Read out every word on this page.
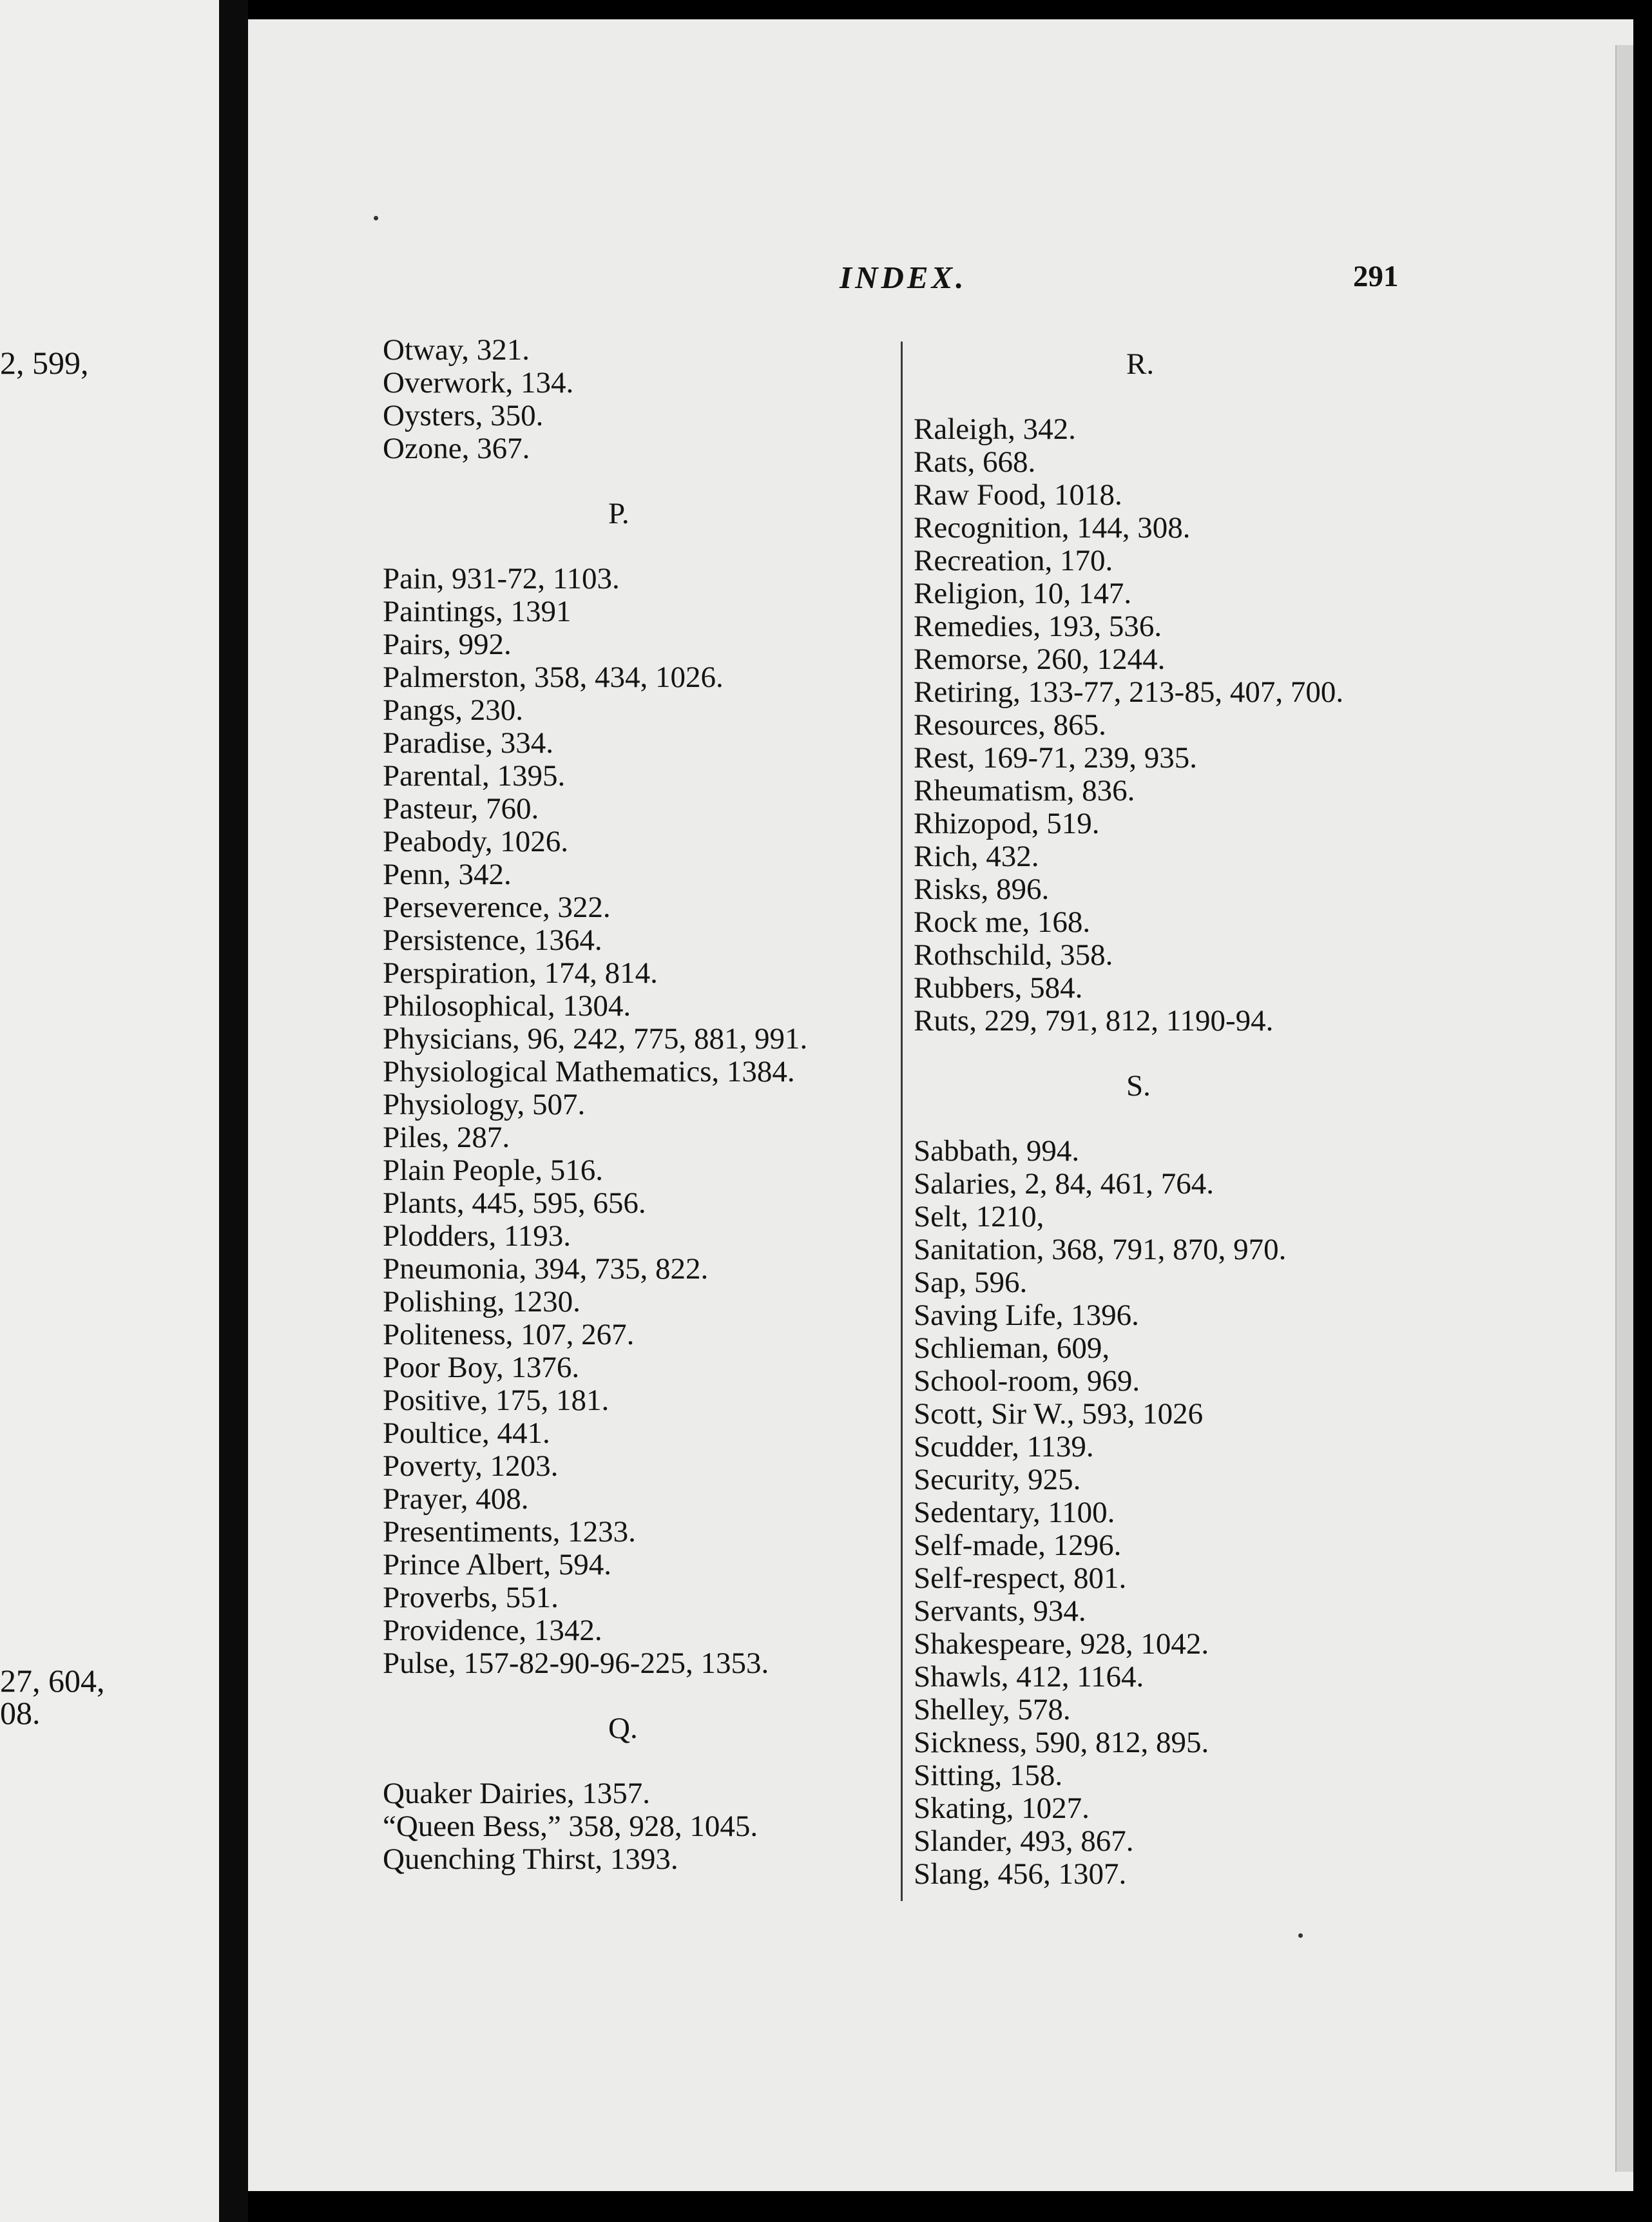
2, 599,
27, 604,
08.
INDEX.	291
Otway, 321.
Overwork, 134.
Oysters, 350.
Ozone, 367.
P.
Pain, 931-72, 1103.
Paintings, 1391
Pairs, 992.
Palmerston, 358, 434, 1026.
Pangs, 230.
Paradise, 334.
Parental, 1395.
Pasteur, 760.
Peabody, 1026.
Penn, 342.
Perseverence, 322.
Persistence, 1364.
Perspiration, 174, 814.
Philosophical, 1304.
Physicians, 96, 242, 775, 881, 991.
Physiological Mathematics, 1384.
Physiology, 507.
Piles, 287.
Plain People, 516.
Plants, 445, 595, 656.
Plodders, 1193.
Pneumonia, 394, 735, 822.
Polishing, 1230.
Politeness, 107, 267.
Poor Boy, 1376.
Positive, 175, 181.
Poultice, 441.
Poverty, 1203.
Prayer, 408.
Presentiments, 1233.
Prince Albert, 594.
Proverbs, 551.
Providence, 1342.
Pulse, 157-82-90-96-225, 1353.
Q.
Quaker Dairies, 1357.
“Queen Bess,” 358, 928, 1045.
Quenching Thirst, 1393.
R.
Raleigh, 342.
Rats, 668.
Raw Food, 1018.
Recognition, 144, 308.
Recreation, 170.
Religion, 10, 147.
Remedies, 193, 536.
Remorse, 260, 1244.
Retiring, 133-77, 213-85, 407, 700.
Resources, 865.
Rest, 169-71, 239, 935.
Rheumatism, 836.
Rhizopod, 519.
Rich, 432.
Risks, 896.
Rock me, 168.
Rothschild, 358.
Rubbers, 584.
Ruts, 229, 791, 812, 1190-94.
S.
Sabbath, 994.
Salaries, 2, 84, 461, 764.
Selt, 1210,
Sanitation, 368, 791, 870, 970.
Sap, 596.
Saving Life, 1396.
Schlieman, 609,
School-room, 969.
Scott, Sir W., 593, 1026
Scudder, 1139.
Security, 925.
Sedentary, 1100.
Self-made, 1296.
Self-respect, 801.
Servants, 934.
Shakespeare, 928, 1042.
Shawls, 412, 1164.
Shelley, 578.
Sickness, 590, 812, 895.
Sitting, 158.
Skating, 1027.
Slander, 493, 867.
Slang, 456, 1307.
